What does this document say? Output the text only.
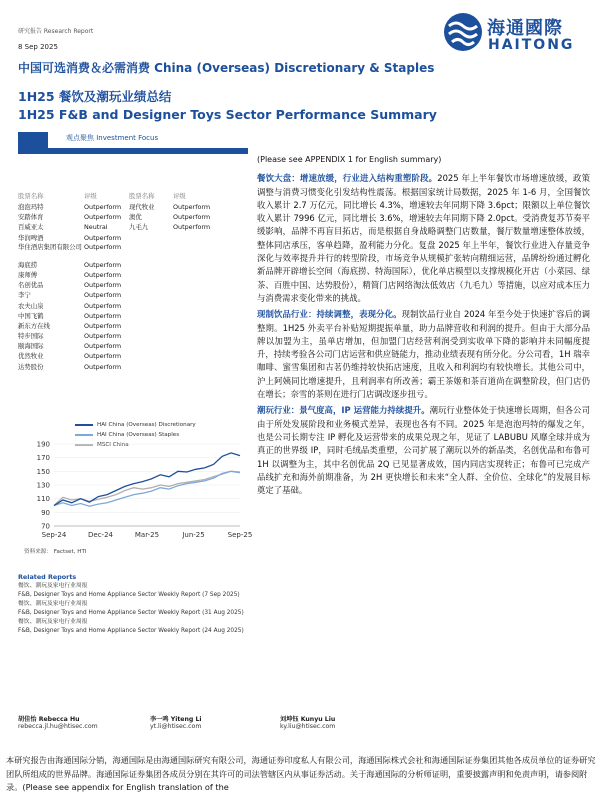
研究报告 Research Report
8 Sep 2025
海通國際
HAITONG
中国可选消费＆必需消费 China (Overseas) Discretionary & Staples
1H25 餐饮及潮玩业绩总结
1H25 F&B and Designer Toys Sector Performance Summary
观点聚焦 Investment Focus
股票名称	评级	股票名称	评级
泡泡玛特	Outperform	现代牧业	Outperform
安踏体育	Outperform	澳优	Outperform
百威亚太	Neutral	九毛九	Outperform
华润啤酒	Outperform
华住酒店集团有限公司 Outperform
海底捞	Outperform
康师傅	Outperform
名创优品	Outperform
李宁	Outperform
农夫山泉	Outperform
中国飞鹤	Outperform
新东方在线	Outperform
特步国际	Outperform
颐海国际	Outperform
优然牧业	Outperform
达势股份	Outperform
HAI China (Overseas) Discretionary
HAI China (Overseas) Staples
MSCI China
70
90
110
130
150
170
190
Sep-24	Dec-24	Mar-25	Jun-25	Sep-25
资料来源： Factset, HTI
Related Reports
餐饮、潮玩及家电行业周报
F&B, Designer Toys and Home Appliance Sector Weekly Report (7 Sep 2025)
餐饮、潮玩及家电行业周报
F&B, Designer Toys and Home Appliance Sector Weekly Report (31 Aug 2025)
餐饮、潮玩及家电行业周报
F&B, Designer Toys and Home Appliance Sector Weekly Report (24 Aug 2025)
(Please see APPENDIX 1 for English summary)

餐饮大盘：增速放缓，行业进入结构重塑阶段。2025 年上半年餐饮市场增速放缓，政策调整与消费习惯变化引发结构性震荡。根据国家统计局数据，2025 年 1-6 月，全国餐饮收入累计 2.7 万亿元，同比增长 4.3%，增速较去年同期下降 3.6pct；限额以上单位餐饮收入累计 7996 亿元，同比增长 3.6%，增速较去年同期下降 2.0pct。受消费复苏节奏平缓影响，品牌不再盲目拓店，而是根据自身战略调整门店数量，餐厅数量增速整体放缓，整体同店承压，客单趋降，盈利能力分化。复盘 2025 年上半年，餐饮行业进入存量竞争深化与效率提升并行的转型阶段，市场竞争从规模扩张转向精细运营，品牌纷纷通过孵化新品牌开辟增长空间（海底捞、特海国际），优化单店模型以支撑规模化开店（小菜园、绿茶、百胜中国、达势股份），精简门店网络淘汰低效店（九毛九）等措施，以应对成本压力与消费需求变化带来的挑战。

现制饮品行业：持续调整，表现分化。现制饮品行业自 2024 年至今处于快速扩容后的调整期。1H25 外卖平台补贴短期提振单量，助力品牌营收和利润的提升。但由于大部分品牌以加盟为主，虽单店增加，但加盟门店经营利润受到实收单下降的影响并未同幅度提升，持续考验各公司门店运营和供应链能力，推动业绩表现有所分化。分公司看，1H 瑞幸咖啡、蜜雪集团和古茗仍维持较快拓店速度，且收入和利润均有较快增长。其他公司中，沪上阿姨同比增速提升，且利润率有所改善；霸王茶姬和茶百道尚在调整阶段，但门店仍在增长；奈雪的茶则在进行门店调改逐步扭亏。

潮玩行业：景气度高，IP 运营能力持续提升。潮玩行业整体处于快速增长周期，但各公司由于所处发展阶段和业务模式差异，表现也各有不同。2025 年是泡泡玛特的爆发之年，也是公司长期专注 IP 孵化及运营带来的成果兑现之年，见证了 LABUBU 风靡全球并成为真正的世界级 IP，同时毛绒品类重塑，公司扩展了潮玩以外的新品类，名创优品和布鲁可 1H 以调整为主，其中名创优品 2Q 已见显著成效，国内同店实现转正；布鲁可已完成产品线扩充和海外前期准备，为 2H 更快增长和未来“全人群、全价位、全球化”的发展目标奠定了基础。

胡佳怡 Rebecca Hu
rebecca.jl.hu@htisec.com
李一鸣 Yiteng Li
yt.li@htisec.com
刘坤钰 Kunyu Liu
ky.liu@htisec.com
本研究报告由海通国际分销，海通国际是由海通国际研究有限公司，海通证券印度私人有限公司，海通国际株式会社和海通国际证券集团其他各成员单位的证券研究团队所组成的世界品牌。海通国际证券集团各成员分别在其许可的司法管辖区内从事证券活动。关于海通国际的分析师证明，重要披露声明和免责声明，请参阅附录。(Please see appendix for English translation of the
